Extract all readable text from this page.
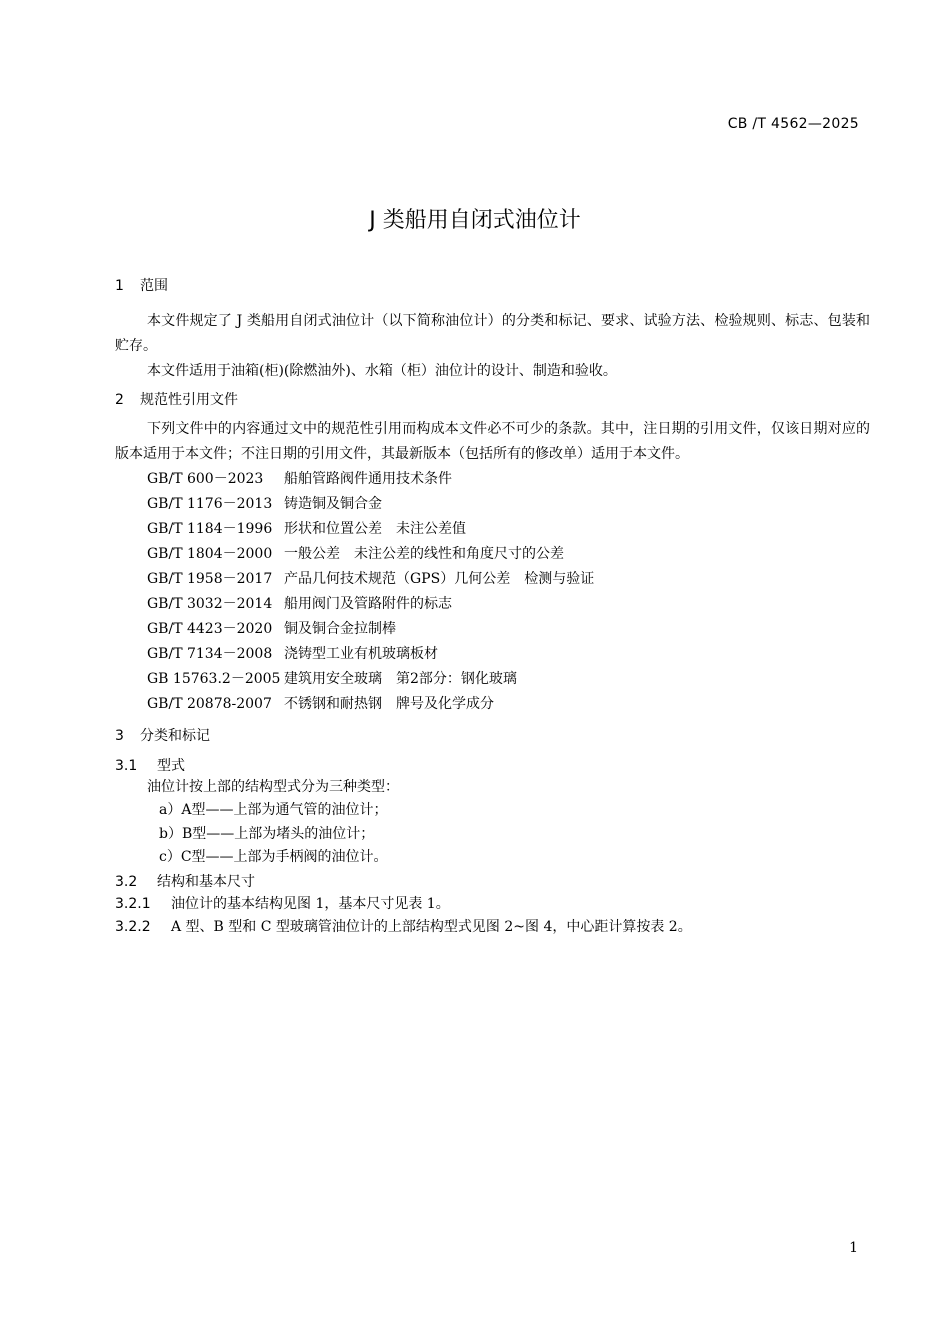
CB /T 4562—2025
J 类船用自闭式油位计
1 范围

本文件规定了 J 类船用自闭式油位计（以下简称油位计）的分类和标记、要求、试验方法、检验规则、标志、包装和贮存。

本文件适用于油箱(柜)(除燃油外)、水箱（柜）油位计的设计、制造和验收。

2 规范性引用文件

下列文件中的内容通过文中的规范性引用而构成本文件必不可少的条款。其中，注日期的引用文件，仅该日期对应的版本适用于本文件；不注日期的引用文件，其最新版本（包括所有的修改单）适用于本文件。

GB/T 600－2023 船舶管路阀件通用技术条件
GB/T 1176－2013 铸造铜及铜合金
GB/T 1184－1996 形状和位置公差　未注公差值
GB/T 1804－2000 一般公差　未注公差的线性和角度尺寸的公差
GB/T 1958－2017 产品几何技术规范（GPS）几何公差　检测与验证
GB/T 3032－2014 船用阀门及管路附件的标志
GB/T 4423－2020 铜及铜合金拉制棒
GB/T 7134－2008 浇铸型工业有机玻璃板材
GB 15763.2－2005 建筑用安全玻璃　第2部分：钢化玻璃
GB/T 20878-2007 不锈钢和耐热钢　牌号及化学成分
3 分类和标记
3.1 型式

油位计按上部的结构型式分为三种类型：

a）A型——上部为通气管的油位计；
b）B型——上部为堵头的油位计；
c）C型——上部为手柄阀的油位计。
3.2 结构和基本尺寸
3.2.1 油位计的基本结构见图 1，基本尺寸见表 1。
3.2.2 A 型、B 型和 C 型玻璃管油位计的上部结构型式见图 2~图 4，中心距计算按表 2。
1
